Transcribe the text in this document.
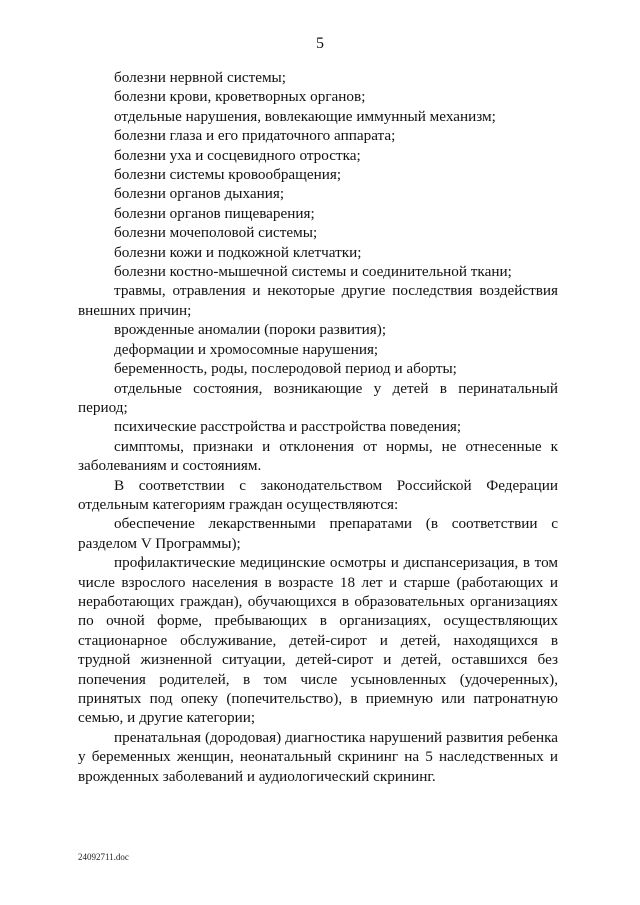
5

болезни нервной системы;

болезни крови, кроветворных органов;

отдельные нарушения, вовлекающие иммунный механизм;

болезни глаза и его придаточного аппарата;

болезни уха и сосцевидного отростка;

болезни системы кровообращения;

болезни органов дыхания;

болезни органов пищеварения;

болезни мочеполовой системы;

болезни кожи и подкожной клетчатки;

болезни костно-мышечной системы и соединительной ткани;

травмы, отравления и некоторые другие последствия воздействия внешних причин;

врожденные аномалии (пороки развития);

деформации и хромосомные нарушения;

беременность, роды, послеродовой период и аборты;

отдельные состояния, возникающие у детей в перинатальный период;

психические расстройства и расстройства поведения;

симптомы, признаки и отклонения от нормы, не отнесенные к заболеваниям и состояниям.

В соответствии с законодательством Российской Федерации отдельным категориям граждан осуществляются:

обеспечение лекарственными препаратами (в соответствии с разделом V Программы);

профилактические медицинские осмотры и диспансеризация, в том числе взрослого населения в возрасте 18 лет и старше (работающих и неработающих граждан), обучающихся в образовательных организациях по очной форме, пребывающих в организациях, осуществляющих стационарное обслуживание, детей-сирот и детей, находящихся в трудной жизненной ситуации, детей-сирот и детей, оставшихся без попечения родителей, в том числе усыновленных (удочеренных), принятых под опеку (попечительство), в приемную или патронатную семью, и другие категории;

пренатальная (дородовая) диагностика нарушений развития ребенка у беременных женщин, неонатальный скрининг на 5 наследственных и врожденных заболеваний и аудиологический скрининг.

24092711.doc
